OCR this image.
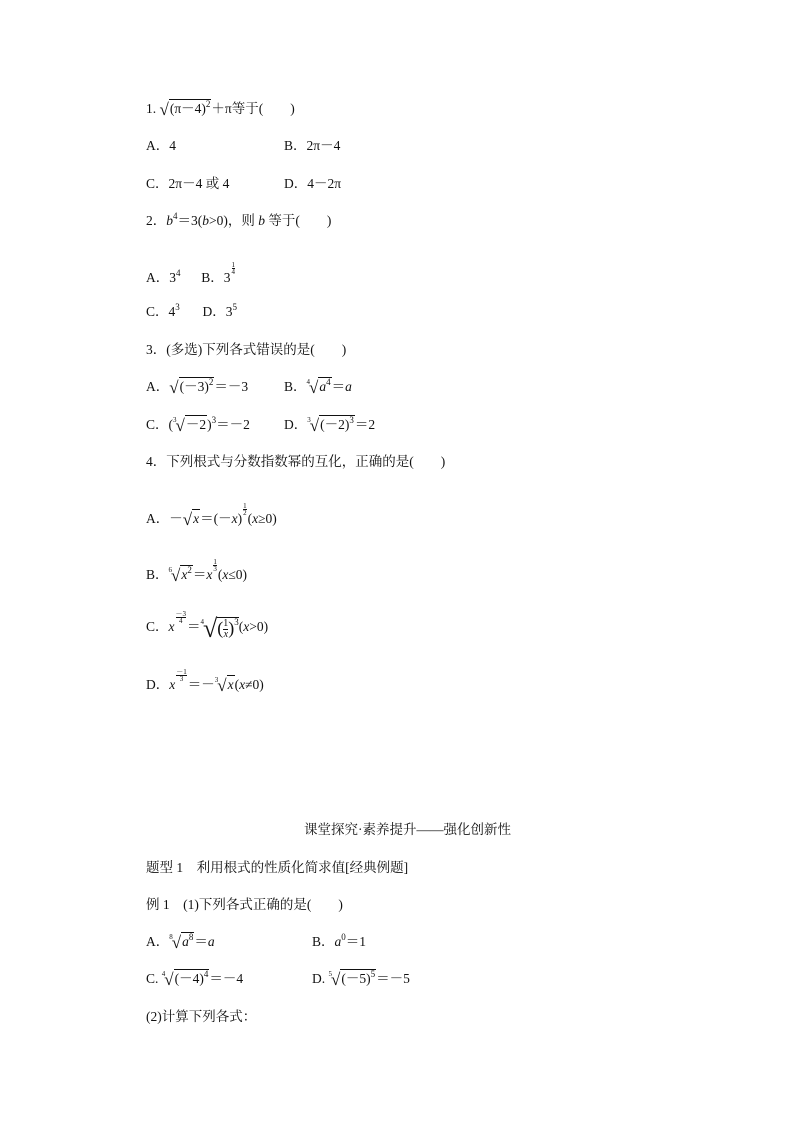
1. $√(\pi-4)^2+\pi$等于(　　)
A．4	B．2π－4
C．2π－4 或 4	D．4－2π
2．$b^4=3(b>0)$，则 b 等于(　　)
A．$3^4$ B．3
$\frac{1}{4}$
C．$4^3$ D．$3^5$
3．(多选)下列各式错误的是(　　)
A．$√(-3)^2=-3$	B．$^4√a^4=a$
C．$(^3√-2)^3=-2$	D．$^3√(-2)^3=2$
4．下列根式与分数指数幂的互化，正确的是(　　)
A．－√x＝(－x)
$\frac{1}{2}$
(x≥0)
B．$^6√x^2=x$
$\frac{1}{3}$
(x≤0)
C．x
$\frac{-3}{4}$
$=^4√( \frac{1}{x} )^3(x>0)$
D．x
$\frac{-1}{3}$
＝－$^3$√x(x≠0)
课堂探究·素养提升——强化创新性
题型 1　利用根式的性质化简求值[经典例题]
例 1　(1)下列各式正确的是(　　)
A．$^8√a^8=a$	B．$a^0=1$
C. $^4√(-4)^4=-4$	D. $^5√(-5)^5=-5$
(2)计算下列各式：
